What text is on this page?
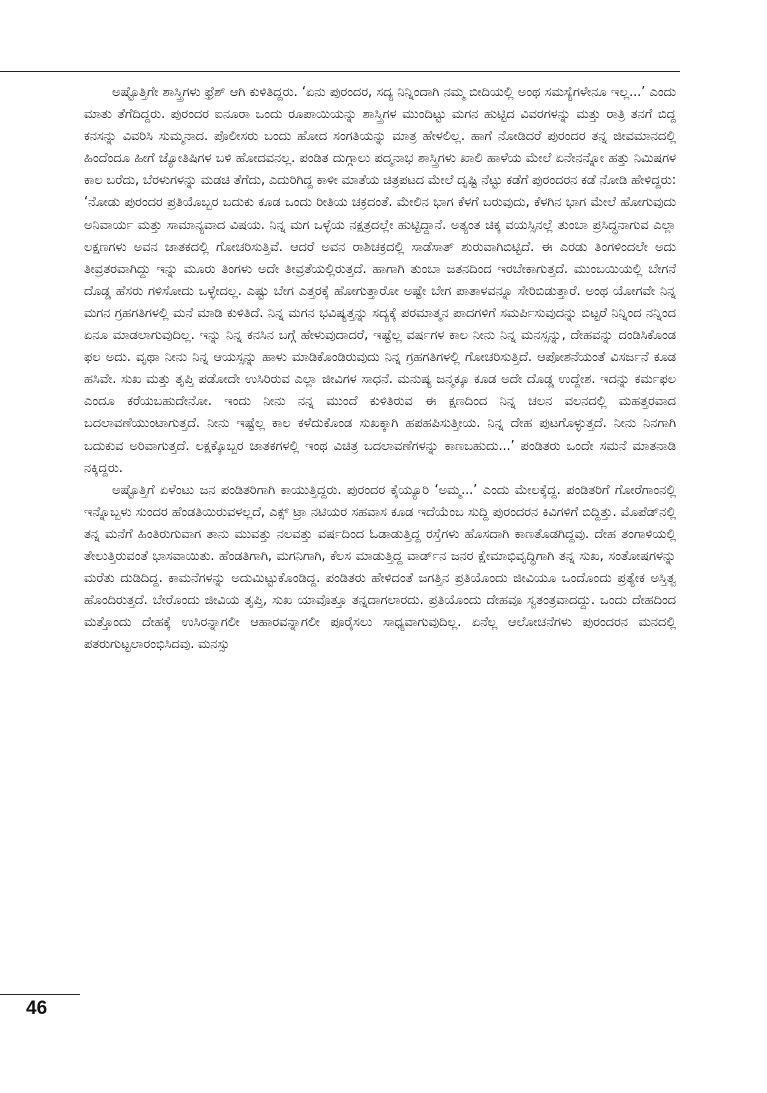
ಅಷ್ಟೊತ್ತಿಗೇ ಶಾಸ್ತ್ರಿಗಳು ಫ್ರೆಶ್ ಆಗಿ ಕುಳಿತಿದ್ದರು. ‘ಏನು ಪುರಂದರ, ಸದ್ಯ ನಿನ್ನಿಂದಾಗಿ ನಮ್ಮ ಬೀದಿಯಲ್ಲಿ ಅಂಥ ಸಮಸ್ಯೆಗಳೇನೂ ಇಲ್ಲ...’ ಎಂದು ಮಾತು ತೆಗೆದಿದ್ದರು. ಪುರಂದರ ಐನೂರಾ ಒಂದು ರೂಪಾಯಿಯನ್ನು ಶಾಸ್ತ್ರಿಗಳ ಮುಂದಿಟ್ಟು ಮಗನ ಹುಟ್ಟಿದ ವಿವರಗಳನ್ನು ಮತ್ತು ರಾತ್ರಿ ತನಗೆ ಬಿದ್ದ ಕನಸನ್ನು ವಿವರಿಸಿ ಸುಮ್ಮನಾದ. ಪೊಲೀಸರು ಬಂದು ಹೋದ ಸಂಗತಿಯನ್ನು ಮಾತ್ರ ಹೇಳಲಿಲ್ಲ. ಹಾಗೆ ನೋಡಿದರೆ ಪುರಂದರ ತನ್ನ ಜೀವಮಾನದಲ್ಲಿ ಹಿಂದೆಂದೂ ಹೀಗೆ ಜ್ಯೋತಿಷಿಗಳ ಬಳಿ ಹೋದವನಲ್ಲ. ಪಂಡಿತ ದುಗ್ಗಾಲು ಪದ್ಮನಾಭ ಶಾಸ್ತ್ರಿಗಳು ಖಾಲಿ ಹಾಳೆಯ ಮೇಲೆ ಏನೇನನ್ನೋ ಹತ್ತು ನಿಮಿಷಗಳ ಕಾಲ ಬರೆದು, ಬೆರಳುಗಳನ್ನು ಮಡಚಿ ತೆಗೆದು, ಎದುರಿಗಿದ್ದ ಕಾಳೀ ಮಾತೆಯ ಚಿತ್ರಪಟದ ಮೇಲೆ ದೃಷ್ಟಿ ನೆಟ್ಟು ಕಡೆಗೆ ಪುರಂದರನ ಕಡೆ ನೋಡಿ ಹೇಳಿದ್ದರು: ‘ನೋಡು ಪುರಂದರ ಪ್ರತಿಯೊಬ್ಬರ ಬದುಕು ಕೂಡ ಒಂದು ರೀತಿಯ ಚಕ್ರದಂತೆ. ಮೇಲಿನ ಭಾಗ ಕೆಳಗೆ ಬರುವುದು, ಕೆಳಗಿನ ಭಾಗ ಮೇಲೆ ಹೋಗುವುದು ಅನಿವಾರ್ಯ ಮತ್ತು ಸಾಮಾನ್ಯವಾದ ವಿಷಯ. ನಿನ್ನ ಮಗ ಒಳ್ಳೆಯ ನಕ್ಷತ್ರದಲ್ಲೇ ಹುಟ್ಟಿದ್ದಾನೆ. ಅತ್ಯಂತ ಚಿಕ್ಕ ವಯಸ್ಸಿನಲ್ಲೆ ತುಂಬಾ ಪ್ರಸಿದ್ಧನಾಗುವ ಎಲ್ಲಾ ಲಕ್ಷಣಗಳು ಅವನ ಜಾತಕದಲ್ಲಿ ಗೋಚರಿಸುತ್ತಿವೆ. ಆದರೆ ಅವನ ರಾಶಿಚಕ್ರದಲ್ಲಿ ಸಾಡೆಸಾತ್ ಶುರುವಾಗಿಬಿಟ್ಟಿದೆ. ಈ ಎರಡು ತಿಂಗಳಿಂದಲೇ ಅದು ತೀವ್ರತರವಾಗಿದ್ದು ಇನ್ನು ಮೂರು ತಿಂಗಳು ಅದೇ ತೀವ್ರತೆಯಲ್ಲಿರುತ್ತದೆ. ಹಾಗಾಗಿ ತುಂಬಾ ಜತನದಿಂದ ಇರಬೇಕಾಗುತ್ತದೆ. ಮುಂಬಯಿಯಲ್ಲಿ ಬೇಗನೆ ದೊಡ್ಡ ಹೆಸರು ಗಳಿಸೋದು ಒಳ್ಳೇದಲ್ಲ. ಎಷ್ಟು ಬೇಗ ಎತ್ತರಕ್ಕೆ ಹೋಗುತ್ತಾರೋ ಅಷ್ಟೇ ಬೇಗ ಪಾತಾಳವನ್ನೂ ಸೇರಿಬಿಡುತ್ತಾರೆ. ಅಂಥ ಯೋಗವೇ ನಿನ್ನ ಮಗನ ಗ್ರಹಗತಿಗಳಲ್ಲಿ ಮನೆ ಮಾಡಿ ಕುಳಿತಿದೆ. ನಿನ್ನ ಮಗನ ಭವಿಷ್ಯತ್ತನ್ನು ಸದ್ಯಕ್ಕೆ ಪರಮಾತ್ಮನ ಪಾದಗಳಿಗೆ ಸಮರ್ಪಿಸುವುದನ್ನು ಬಿಟ್ಟರೆ ನಿನ್ನಿಂದ ನನ್ನಿಂದ ಏನೂ ಮಾಡಲಾಗುವುದಿಲ್ಲ. ಇನ್ನು ನಿನ್ನ ಕನಸಿನ ಬಗ್ಗೆ ಹೇಳುವುದಾದರೆ, ಇಷ್ಟೆಲ್ಲ ವರ್ಷಗಳ ಕಾಲ ನೀನು ನಿನ್ನ ಮನಸ್ಸನ್ನು, ದೇಹವನ್ನು ದಂಡಿಸಿಕೊಂಡ ಫಲ ಅದು. ವೃಥಾ ನೀನು ನಿನ್ನ ಆಯಸ್ಸನ್ನು ಹಾಳು ಮಾಡಿಕೊಂಡಿರುವುದು ನಿನ್ನ ಗ್ರಹಗತಿಗಳಲ್ಲಿ ಗೋಚರಿಸುತ್ತಿದೆ. ಆಪೋಶನೆಯಂತೆ ವಿಸರ್ಜನೆ ಕೂಡ ಹಸಿವೇ. ಸುಖ ಮತ್ತು ತೃಪ್ತಿ ಪಡೋದೇ ಉಸಿರಿರುವ ಎಲ್ಲಾ ಜೀವಿಗಳ ಸಾಧನೆ. ಮನುಷ್ಯ ಜನ್ಮಕ್ಕೂ ಕೂಡ ಅದೇ ದೊಡ್ಡ ಉದ್ದೇಶ. ಇದನ್ನು ಕರ್ಮಫಲ ಎಂದೂ ಕರೆಯಬಹುದೇನೋ. ಇಂದು ನೀನು ನನ್ನ ಮುಂದೆ ಕುಳಿತಿರುವ ಈ ಕ್ಷಣದಿಂದ ನಿನ್ನ ಚಲನ ವಲನದಲ್ಲಿ ಮಹತ್ತರವಾದ ಬದಲಾವಣೆಯುಂಟಾಗುತ್ತದೆ. ನೀನು ಇಷ್ಟೆಲ್ಲ ಕಾಲ ಕಳೆದುಕೊಂಡ ಸುಖಕ್ಕಾಗಿ ಹಪಹಪಿಸುತ್ತೀಯ. ನಿನ್ನ ದೇಹ ಪುಟಗೊಳ್ಳುತ್ತದೆ. ನೀನು ನಿನಗಾಗಿ ಬದುಕುವ ಅರಿವಾಗುತ್ತದೆ. ಲಕ್ಷಕ್ಕೊಬ್ಬರ ಜಾತಕಗಳಲ್ಲಿ ಇಂಥ ವಿಚಿತ್ರ ಬದಲಾವಣೆಗಳನ್ನು ಕಾಣಬಹುದು...’ ಪಂಡಿತರು ಒಂದೇ ಸಮನೆ ಮಾತನಾಡಿ ನಕ್ಕಿದ್ದರು.

ಅಷ್ಟೊತ್ತಿಗೆ ಏಳೆಂಟು ಜನ ಪಂಡಿತರಿಗಾಗಿ ಕಾಯುತ್ತಿದ್ದರು. ಪುರಂದರ ಕೈಯ್ಯೂರಿ ‘ಅಮ್ಮ...’ ಎಂದು ಮೇಲಕ್ಕೆದ್ದ. ಪಂಡಿತರಿಗೆ ಗೋರೆಗಾಂನಲ್ಲಿ ಇನ್ನೊಬ್ಬಳು ಸುಂದರ ಹೆಂಡತಿಯಿರುವಳಲ್ಲದೆ, ಎಕ್ಸ್ ಟ್ರಾ ನಟಿಯರ ಸಹವಾಸ ಕೂಡ ಇದೆಯೆಂಬ ಸುದ್ದಿ ಪುರಂದರನ ಕಿವಿಗಳಿಗೆ ಬಿದ್ದಿತ್ತು. ಮೊಪೆಡ್‌ನಲ್ಲಿ ತನ್ನ ಮನೆಗೆ ಹಿಂತಿರುಗುವಾಗ ತಾನು ಮುವತ್ತು ನಲವತ್ತು ವರ್ಷದಿಂದ ಓಡಾಡುತ್ತಿದ್ದ ರಸ್ತೆಗಳು ಹೊಸದಾಗಿ ಕಾಣತೊಡಗಿದ್ದವು. ದೇಹ ತಂಗಾಳಿಯಲ್ಲಿ ತೇಲುತ್ತಿರುವಂತೆ ಭಾಸವಾಯಿತು. ಹೆಂಡತಿಗಾಗಿ, ಮಗನಿಗಾಗಿ, ಕೆಲಸ ಮಾಡುತ್ತಿದ್ದ ವಾರ್ಡ್‌ನ ಜನರ ಕ್ಷೇಮಾಭಿವೃದ್ಧಿಗಾಗಿ ತನ್ನ ಸುಖ, ಸಂತೋಷಗಳನ್ನು ಮರೆತು ದುಡಿದಿದ್ದ. ಕಾಮನೆಗಳನ್ನು ಅದುಮಿಟ್ಟುಕೊಂಡಿದ್ದ. ಪಂಡಿತರು ಹೇಳಿದಂತೆ ಜಗತ್ತಿನ ಪ್ರತಿಯೊಂದು ಜೀವಿಯೂ ಒಂದೊಂದು ಪ್ರತ್ಯೇಕ ಅಸ್ತಿತ್ವ ಹೊಂದಿರುತ್ತದೆ. ಬೇರೊಂದು ಜೀವಿಯ ತೃಪ್ತಿ, ಸುಖ ಯಾವೊತ್ತೂ ತನ್ನದಾಗಲಾರದು. ಪ್ರತಿಯೊಂದು ದೇಹವೂ ಸ್ವತಂತ್ರವಾದದ್ದು. ಒಂದು ದೇಹದಿಂದ ಮತ್ತೊಂದು ದೇಹಕ್ಕೆ ಉಸಿರನ್ನಾಗಲೀ ಆಹಾರವನ್ನಾಗಲೀ ಪೂರೈಸಲು ಸಾಧ್ಯವಾಗುವುದಿಲ್ಲ. ಏನೆಲ್ಲ ಆಲೋಚನೆಗಳು ಪುರಂದರನ ಮನದಲ್ಲಿ ಪತರುಗುಟ್ಟಲಾರಂಭಿಸಿದವು. ಮನಸ್ಸು

46
